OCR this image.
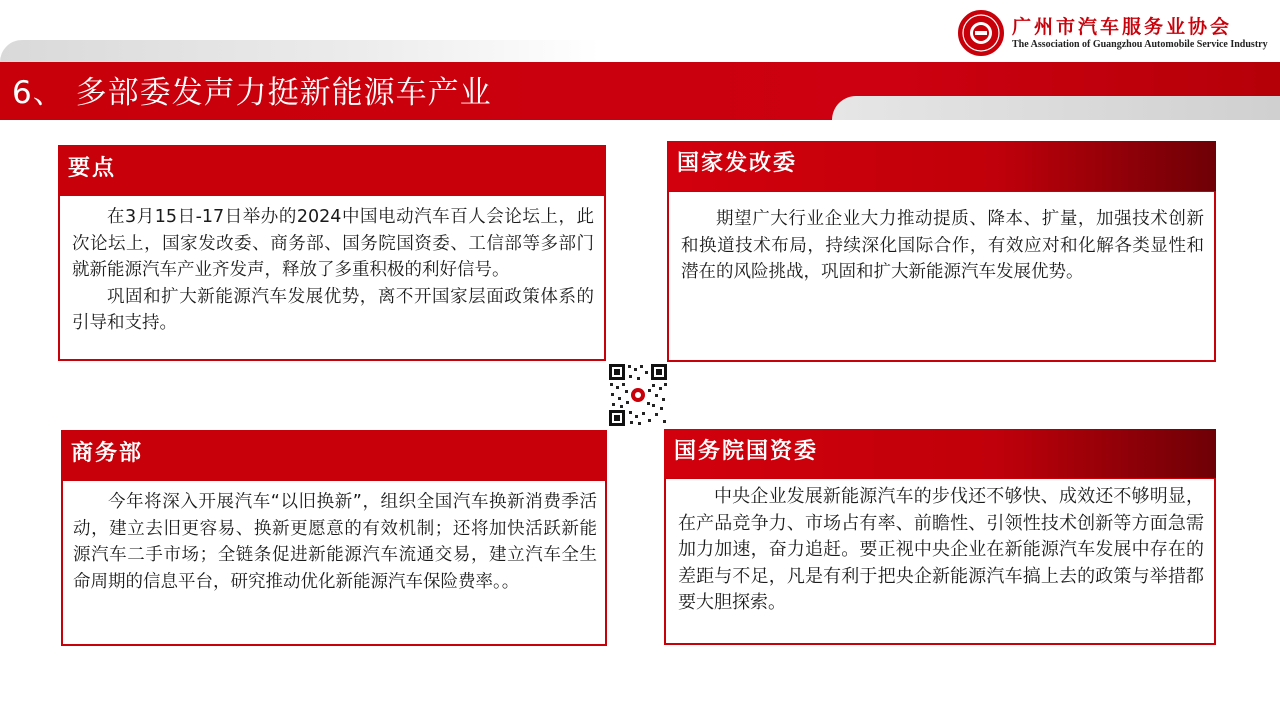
6、 多部委发声力挺新能源车产业
广州市汽车服务业协会
The Association of Guangzhou Automobile Service Industry

在3月15日-17日举办的2024中国电动汽车百人会论坛上，此次论坛上，国家发改委、商务部、国务院国资委、工信部等多部门就新能源汽车产业齐发声，释放了多重积极的利好信号。

巩固和扩大新能源汽车发展优势，离不开国家层面政策体系的引导和支持。

要点

期望广大行业企业大力推动提质、降本、扩量，加强技术创新和换道技术布局，持续深化国际合作，有效应对和化解各类显性和潜在的风险挑战，巩固和扩大新能源汽车发展优势。

国家发改委

今年将深入开展汽车“以旧换新”，组织全国汽车换新消费季活动，建立去旧更容易、换新更愿意的有效机制；还将加快活跃新能源汽车二手市场；全链条促进新能源汽车流通交易，建立汽车全生命周期的信息平台，研究推动优化新能源汽车保险费率。。

商务部

中央企业发展新能源汽车的步伐还不够快、成效还不够明显，在产品竞争力、市场占有率、前瞻性、引领性技术创新等方面急需加力加速，奋力追赶。要正视中央企业在新能源汽车发展中存在的差距与不足，凡是有利于把央企新能源汽车搞上去的政策与举措都要大胆探索。

国务院国资委
